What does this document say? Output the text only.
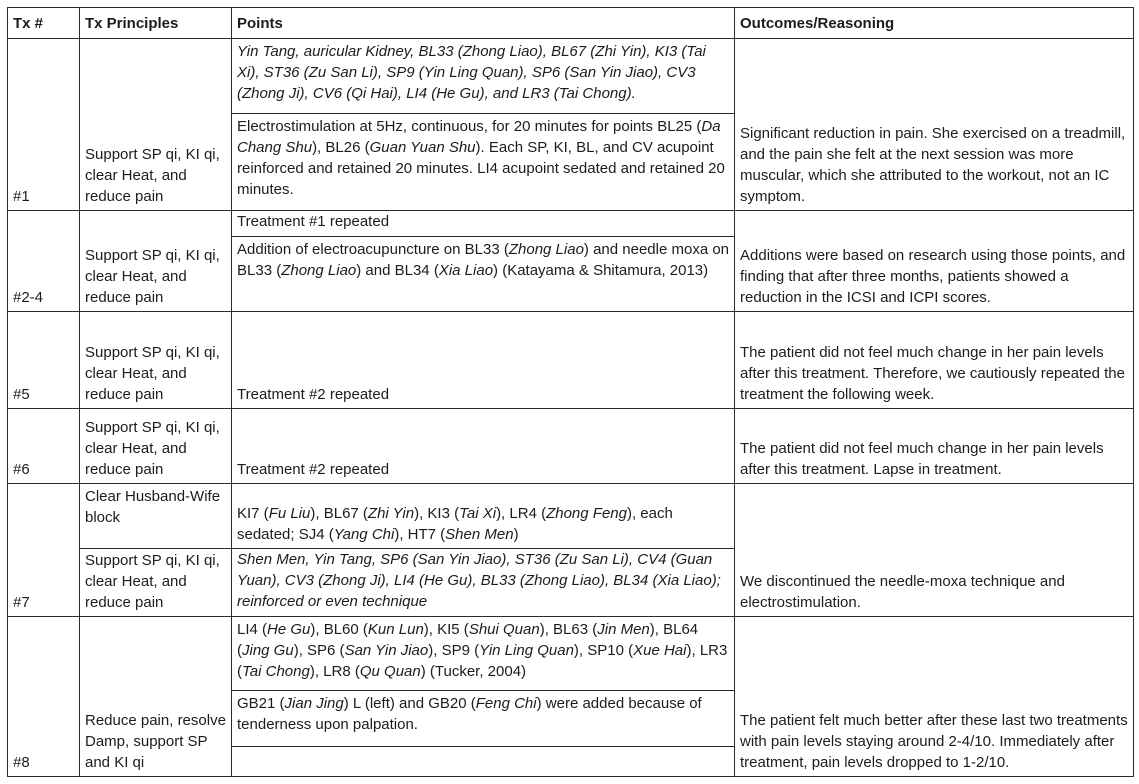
Tx #	Tx Principles	Points	Outcomes/Reasoning
#1	Support SP qi, KI qi, clear Heat, and reduce pain	Yin Tang, auricular Kidney, BL33 (Zhong Liao), BL67 (Zhi Yin), KI3 (Tai Xi), ST36 (Zu San Li), SP9 (Yin Ling Quan), SP6 (San Yin Jiao), CV3 (Zhong Ji), CV6 (Qi Hai), LI4 (He Gu), and LR3 (Tai Chong).	Significant reduction in pain. She exercised on a treadmill, and the pain she felt at the next session was more muscular, which she attributed to the workout, not an IC symptom.
		Electrostimulation at 5Hz, continuous, for 20 minutes for points BL25 (Da Chang Shu), BL26 (Guan Yuan Shu). Each SP, KI, BL, and CV acupoint reinforced and retained 20 minutes. LI4 acupoint sedated and retained 20 minutes.	
#2-4	Support SP qi, KI qi, clear Heat, and reduce pain	Treatment #1 repeated	Additions were based on research using those points, and finding that after three months, patients showed a reduction in the ICSI and ICPI scores.
		Addition of electroacupuncture on BL33 (Zhong Liao) and needle moxa on BL33 (Zhong Liao) and BL34 (Xia Liao) (Katayama & Shitamura, 2013)	
#5	Support SP qi, KI qi, clear Heat, and reduce pain	Treatment #2 repeated	The patient did not feel much change in her pain levels after this treatment. Therefore, we cautiously repeated the treatment the following week.
#6	Support SP qi, KI qi, clear Heat, and reduce pain	Treatment #2 repeated	The patient did not feel much change in her pain levels after this treatment. Lapse in treatment.
#7	Clear Husband-Wife block	KI7 (Fu Liu), BL67 (Zhi Yin), KI3 (Tai Xi), LR4 (Zhong Feng), each sedated; SJ4 (Yang Chi), HT7 (Shen Men)	We discontinued the needle-moxa technique and electrostimulation.
	Support SP qi, KI qi, clear Heat, and reduce pain	Shen Men, Yin Tang, SP6 (San Yin Jiao), ST36 (Zu San Li), CV4 (Guan Yuan), CV3 (Zhong Ji), LI4 (He Gu), BL33 (Zhong Liao), BL34 (Xia Liao); reinforced or even technique	
#8	Reduce pain, resolve Damp, support SP and KI qi	LI4 (He Gu), BL60 (Kun Lun), KI5 (Shui Quan), BL63 (Jin Men), BL64 (Jing Gu), SP6 (San Yin Jiao), SP9 (Yin Ling Quan), SP10 (Xue Hai), LR3 (Tai Chong), LR8 (Qu Quan) (Tucker, 2004)	The patient felt much better after these last two treatments with pain levels staying around 2-4/10. Immediately after treatment, pain levels dropped to 1-2/10.
		GB21 (Jian Jing) L (left) and GB20 (Feng Chi) were added because of tenderness upon palpation.	
